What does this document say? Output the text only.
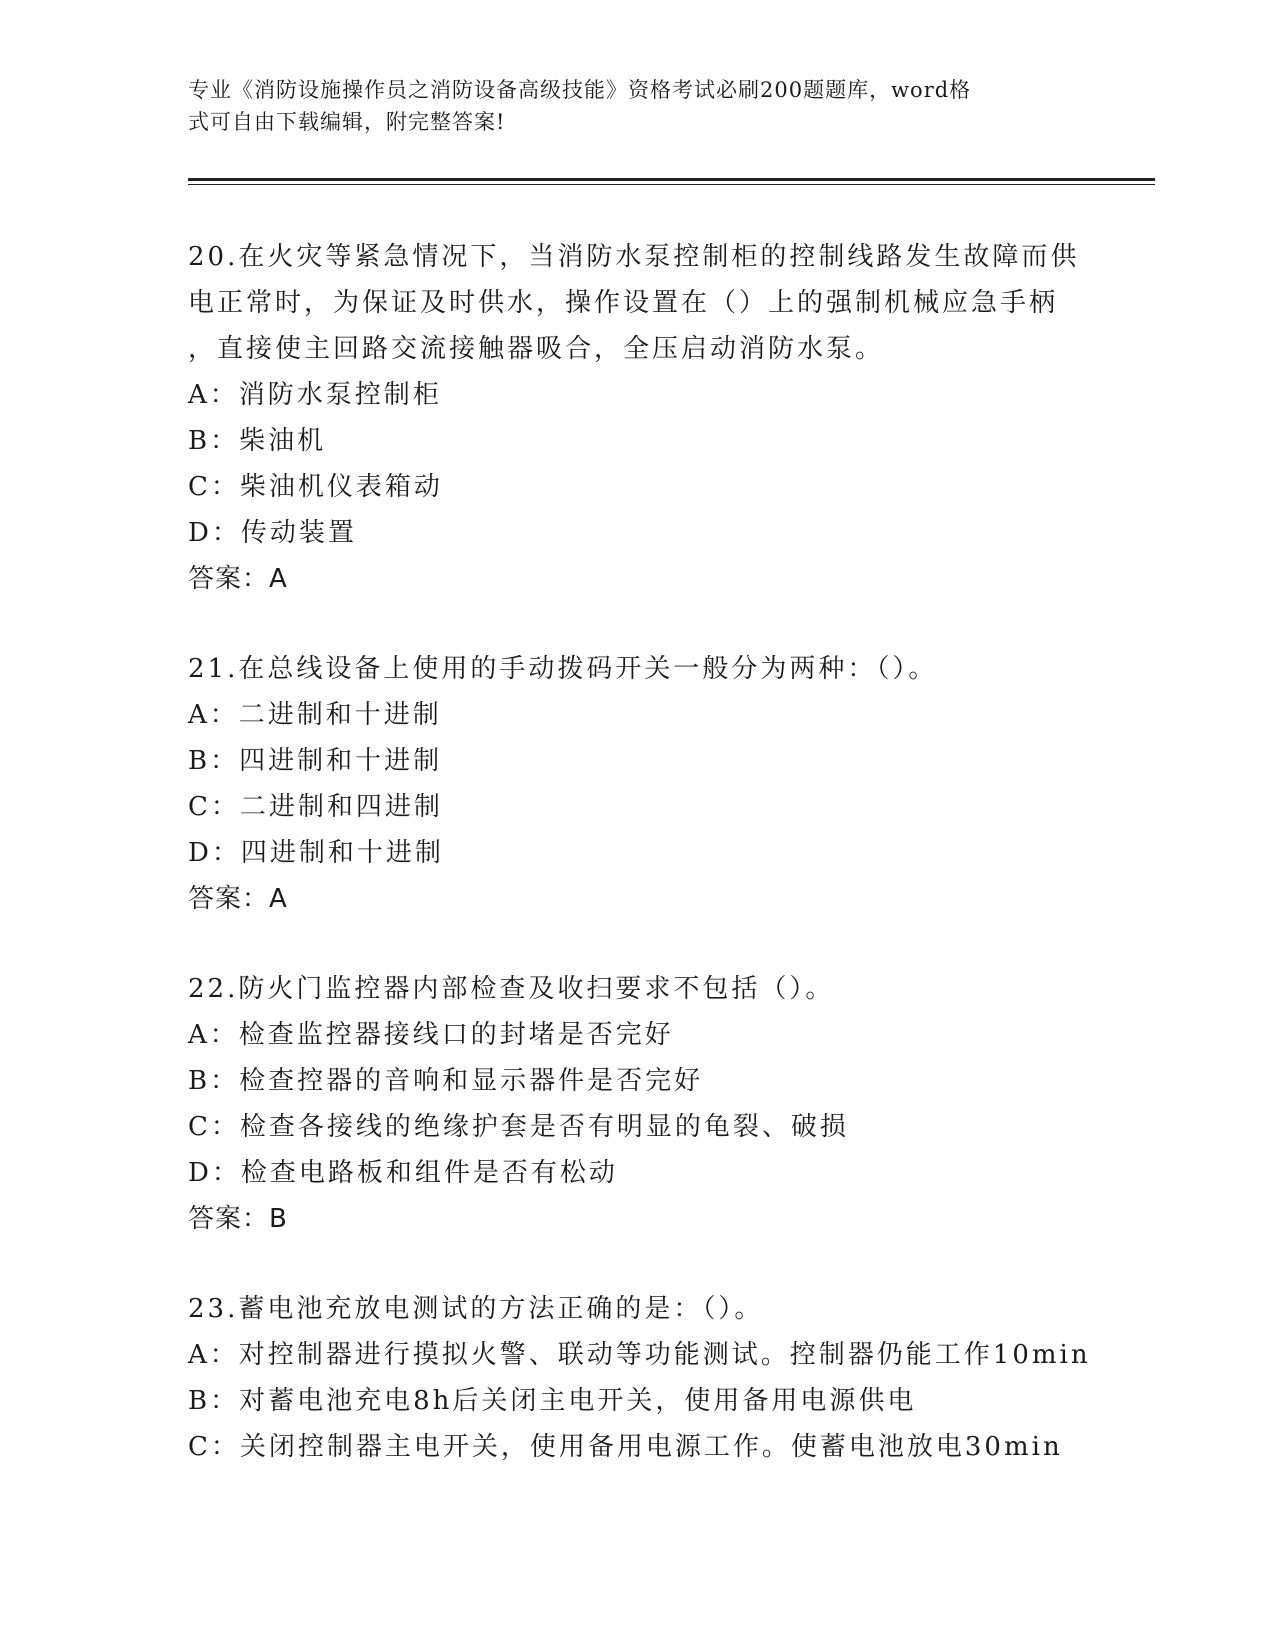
专业《消防设施操作员之消防设备高级技能》资格考试必刷200题题库，word格
式可自由下载编辑，附完整答案!
20.在火灾等紧急情况下，当消防水泵控制柜的控制线路发生故障而供
电正常时，为保证及时供水，操作设置在（）上的强制机械应急手柄
，直接使主回路交流接触器吸合，全压启动消防水泵。
A：消防水泵控制柜
B：柴油机
C：柴油机仪表箱动
D：传动装置
答案：A
21.在总线设备上使用的手动拨码开关一般分为两种：（）。
A：二进制和十进制
B：四进制和十进制
C：二进制和四进制
D：四进制和十进制
答案：A
22.防火门监控器内部检查及收扫要求不包括（）。
A：检查监控器接线口的封堵是否完好
B：检查控器的音响和显示器件是否完好
C：检查各接线的绝缘护套是否有明显的龟裂、破损
D：检查电路板和组件是否有松动
答案：B
23.蓄电池充放电测试的方法正确的是：（）。
A：对控制器进行摸拟火警、联动等功能测试。控制器仍能工作10min
B：对蓄电池充电8h后关闭主电开关，使用备用电源供电
C：关闭控制器主电开关，使用备用电源工作。使蓄电池放电30min
